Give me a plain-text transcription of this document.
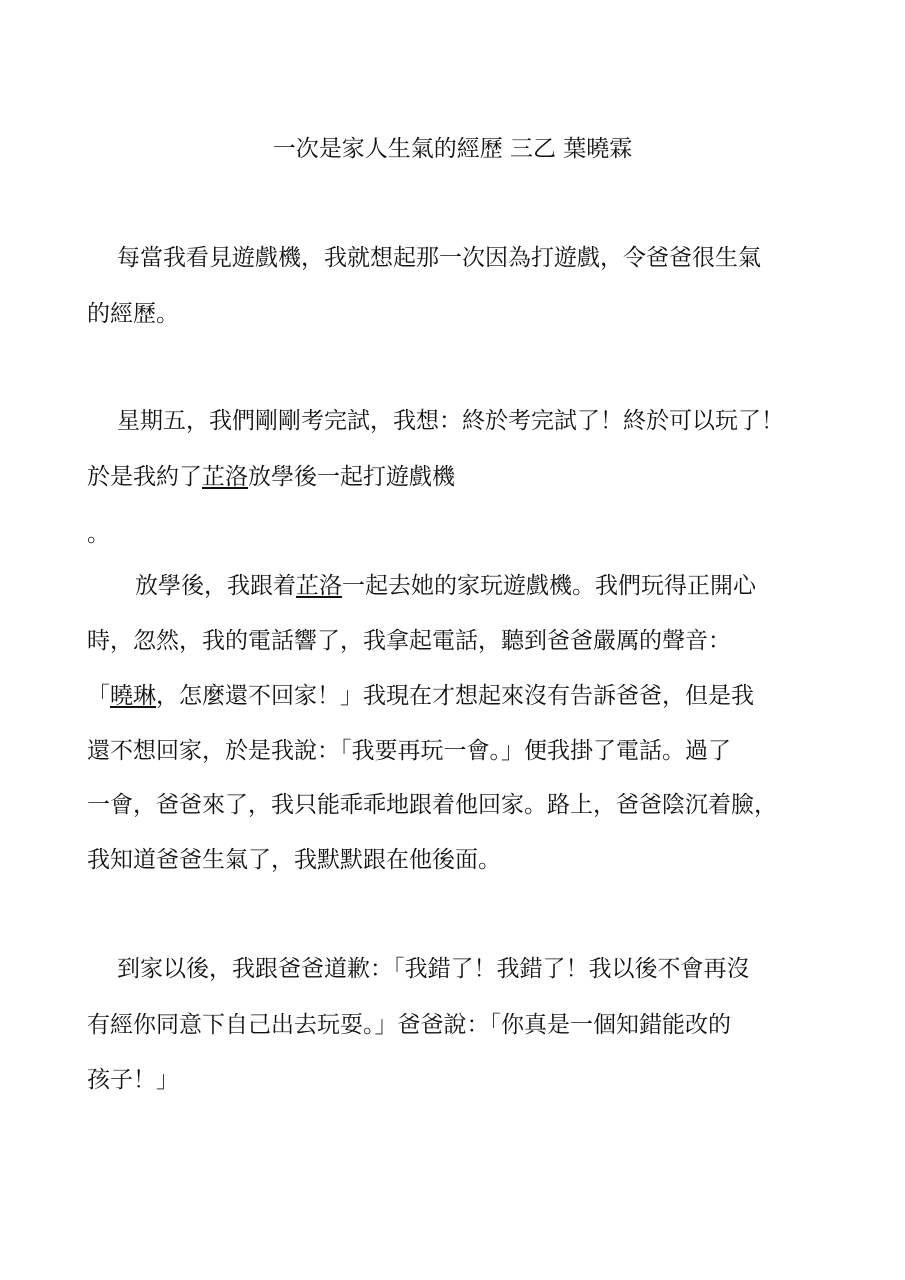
一次是家人生氣的經歷 三乙 葉曉霖
每當我看見遊戲機，我就想起那一次因為打遊戲，令爸爸很生氣
的經歷。
星期五，我們剛剛考完試，我想：終於考完試了！終於可以玩了！
於是我約了芷洛放學後一起打遊戲機
。
放學後，我跟着芷洛一起去她的家玩遊戲機。我們玩得正開心
時，忽然，我的電話響了，我拿起電話，聽到爸爸嚴厲的聲音：
「曉琳，怎麼還不回家！」我現在才想起來沒有告訴爸爸，但是我
還不想回家，於是我說：「我要再玩一會。」便我掛了電話。過了
一會，爸爸來了，我只能乖乖地跟着他回家。路上，爸爸陰沉着臉，
我知道爸爸生氣了，我默默跟在他後面。
到家以後，我跟爸爸道歉：「我錯了！我錯了！我以後不會再沒
有經你同意下自己出去玩耍。」爸爸說：「你真是一個知錯能改的
孩子！」
